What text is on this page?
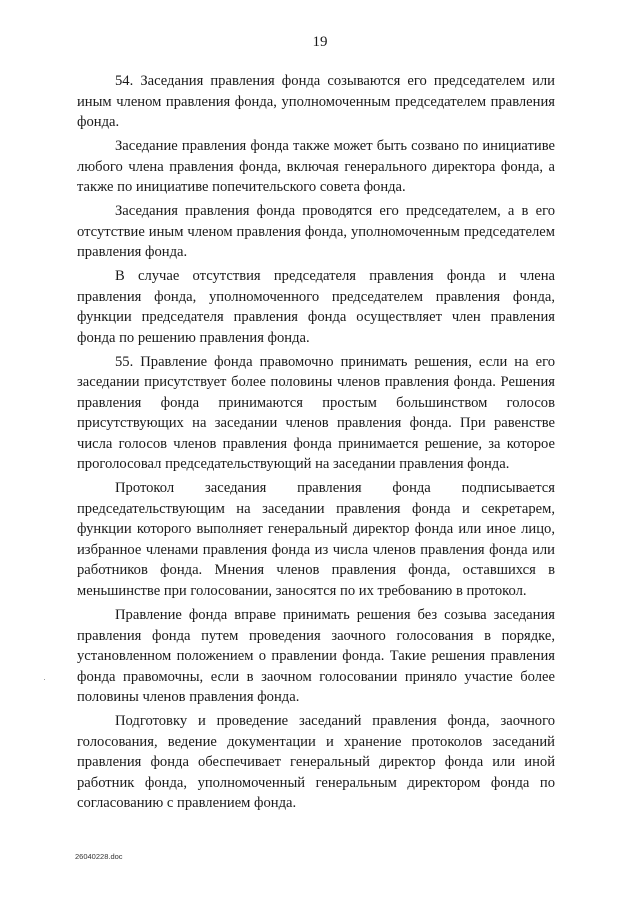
19

54. Заседания правления фонда созываются его председателем или иным членом правления фонда, уполномоченным председателем правления фонда.

Заседание правления фонда также может быть созвано по инициативе любого члена правления фонда, включая генерального директора фонда, а также по инициативе попечительского совета фонда.

Заседания правления фонда проводятся его председателем, а в его отсутствие иным членом правления фонда, уполномоченным председателем правления фонда.

В случае отсутствия председателя правления фонда и члена правления фонда, уполномоченного председателем правления фонда, функции председателя правления фонда осуществляет член правления фонда по решению правления фонда.

55. Правление фонда правомочно принимать решения, если на его заседании присутствует более половины членов правления фонда. Решения правления фонда принимаются простым большинством голосов присутствующих на заседании членов правления фонда. При равенстве числа голосов членов правления фонда принимается решение, за которое проголосовал председательствующий на заседании правления фонда.

Протокол заседания правления фонда подписывается председательствующим на заседании правления фонда и секретарем, функции которого выполняет генеральный директор фонда или иное лицо, избранное членами правления фонда из числа членов правления фонда или работников фонда. Мнения членов правления фонда, оставшихся в меньшинстве при голосовании, заносятся по их требованию в протокол.

Правление фонда вправе принимать решения без созыва заседания правления фонда путем проведения заочного голосования в порядке, установленном положением о правлении фонда. Такие решения правления фонда правомочны, если в заочном голосовании приняло участие более половины членов правления фонда.

Подготовку и проведение заседаний правления фонда, заочного голосования, ведение документации и хранение протоколов заседаний правления фонда обеспечивает генеральный директор фонда или иной работник фонда, уполномоченный генеральным директором фонда по согласованию с правлением фонда.

26040228.doc
